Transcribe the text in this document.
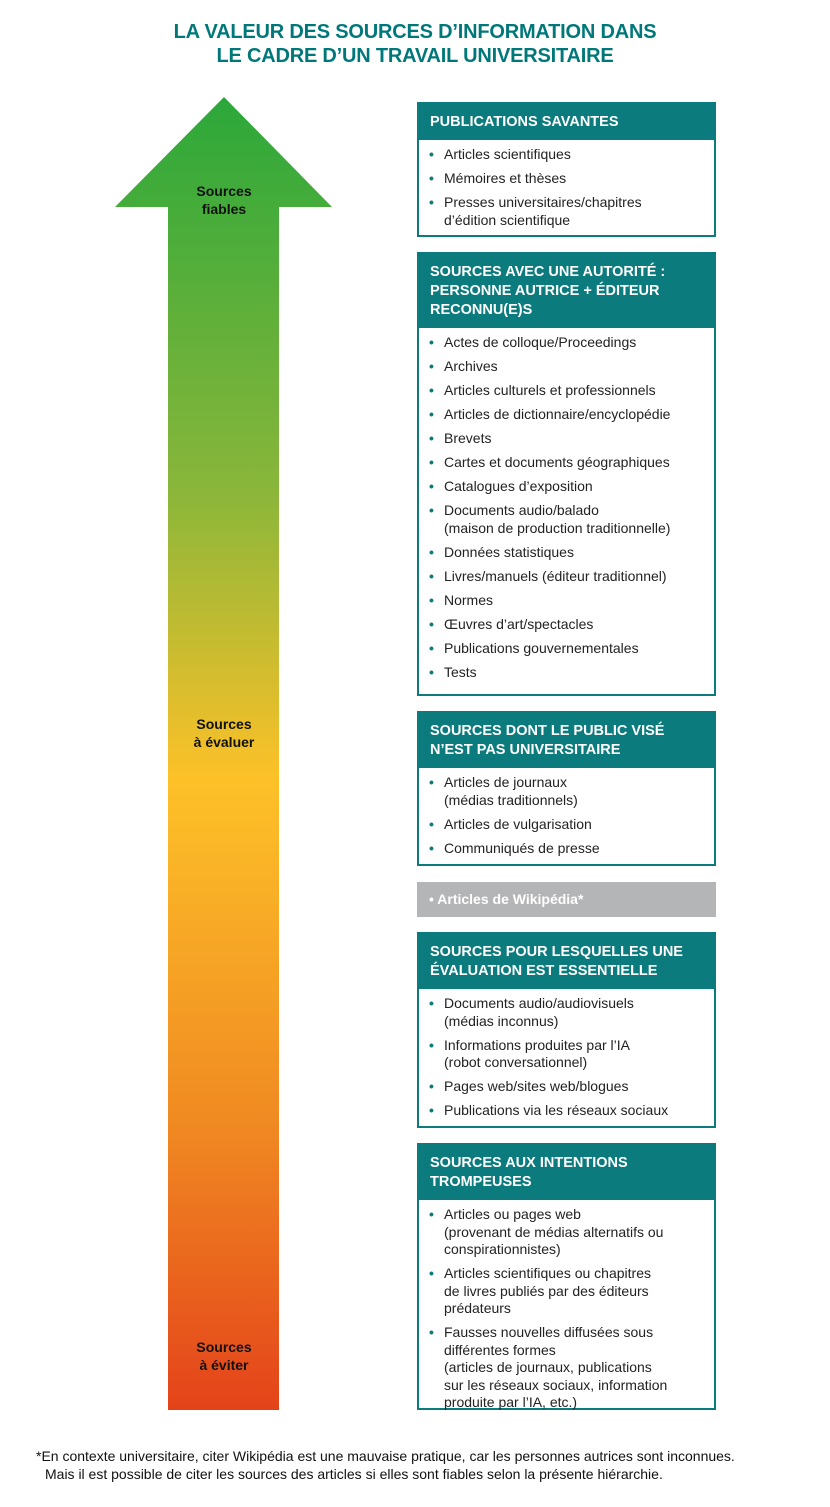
LA VALEUR DES SOURCES D’INFORMATION DANS
LE CADRE D’UN TRAVAIL UNIVERSITAIRE
Sources
fiables
Sources
à évaluer
Sources
à éviter
PUBLICATIONS SAVANTES
• Articles scientifiques
• Mémoires et thèses
• Presses universitaires/chapitres
d’édition scientifique
SOURCES AVEC UNE AUTORITÉ :
PERSONNE AUTRICE + ÉDITEUR
RECONNU(E)S
• Actes de colloque/Proceedings
• Archives
• Articles culturels et professionnels
• Articles de dictionnaire/encyclopédie
• Brevets
• Cartes et documents géographiques
• Catalogues d’exposition
• Documents audio/balado
(maison de production traditionnelle)
• Données statistiques
• Livres/manuels (éditeur traditionnel)
• Normes
• Œuvres d’art/spectacles
• Publications gouvernementales
• Tests
SOURCES DONT LE PUBLIC VISÉ
N’EST PAS UNIVERSITAIRE
• Articles de journaux
(médias traditionnels)
• Articles de vulgarisation
• Communiqués de presse
• Articles de Wikipédia*
SOURCES POUR LESQUELLES UNE
ÉVALUATION EST ESSENTIELLE
• Documents audio/audiovisuels
(médias inconnus)
• Informations produites par l’IA
(robot conversationnel)
• Pages web/sites web/blogues
• Publications via les réseaux sociaux
SOURCES AUX INTENTIONS
TROMPEUSES
• Articles ou pages web
(provenant de médias alternatifs ou
conspirationnistes)
• Articles scientifiques ou chapitres
de livres publiés par des éditeurs
prédateurs
• Fausses nouvelles diffusées sous
différentes formes
(articles de journaux, publications
sur les réseaux sociaux, information
produite par l’IA, etc.)
*En contexte universitaire, citer Wikipédia est une mauvaise pratique, car les personnes autrices sont inconnues.
Mais il est possible de citer les sources des articles si elles sont fiables selon la présente hiérarchie.
